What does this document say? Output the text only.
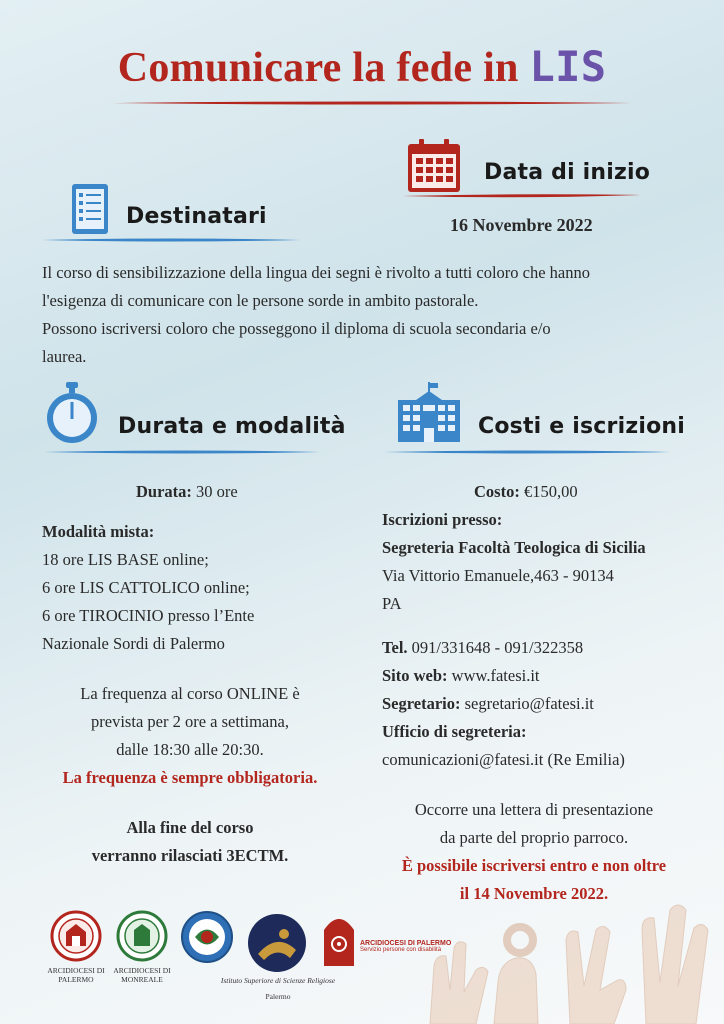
Comunicare la fede in LIS
Data di inizio
16 Novembre 2022
Destinatari
Il corso di sensibilizzazione della lingua dei segni è rivolto a tutti coloro che hanno
l'esigenza di comunicare con le persone sorde in ambito pastorale.
Possono iscriversi coloro che posseggono il diploma di scuola secondaria e/o
laurea.
Durata e modalità
Durata: 30 ore
Modalità mista:
18 ore LIS BASE online;
6 ore LIS CATTOLICO online;
6 ore TIROCINIO presso l’Ente
Nazionale Sordi di Palermo
La frequenza al corso ONLINE è
prevista per 2 ore a settimana,
dalle 18:30 alle 20:30.
La frequenza è sempre obbligatoria.
Alla fine del corso
verranno rilasciati 3ECTM.
Costi e iscrizioni
Costo: €150,00
Iscrizioni presso:
Segreteria Facoltà Teologica di Sicilia
Via Vittorio Emanuele,463 - 90134
PA
Tel. 091/331648 - 091/322358
Sito web: www.fatesi.it
Segretario: segretario@fatesi.it
Ufficio di segreteria:
comunicazioni@fatesi.it (Re Emilia)
Occorre una lettera di presentazione
da parte del proprio parroco.
È possibile iscriversi entro e non oltre
il 14 Novembre 2022.
ARCIDIOCESI DI PALERMO
ARCIDIOCESI DI MONREALE	Istituto Superiore di Scienze Religiose
Palermo
ARCIDIOCESI DI PALERMO
Servizio persone con disabilità
